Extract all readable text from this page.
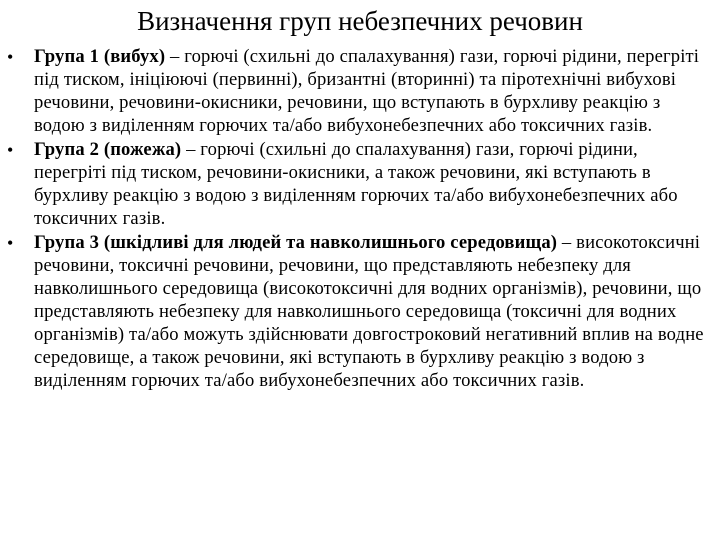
Визначення груп небезпечних речовин
• Група 1 (вибух) – горючі (схильні до спалахування) гази, горючі рідини, перегріті під тиском, ініціюючі (первинні), бризантні (вторинні) та піротехнічні вибухові речовини, речовини-окисники, речовини, що вступають в бурхливу реакцію з водою з виділенням горючих та/або вибухонебезпечних або токсичних газів.
• Група 2 (пожежа) – горючі (схильні до спалахування) гази, горючі рідини, перегріті під тиском, речовини-окисники, а також речовини, які вступають в бурхливу реакцію з водою з виділенням горючих та/або вибухонебезпечних або токсичних газів.
• Група 3 (шкідливі для людей та навколишнього середовища) – високотоксичні речовини, токсичні речовини, речовини, що представляють небезпеку для навколишнього середовища (високотоксичні для водних організмів), речовини, що представляють небезпеку для навколишнього середовища (токсичні для водних організмів) та/або можуть здійснювати довгостроковий негативний вплив на водне середовище, а також речовини, які вступають в бурхливу реакцію з водою з виділенням горючих та/або вибухонебезпечних або токсичних газів.
